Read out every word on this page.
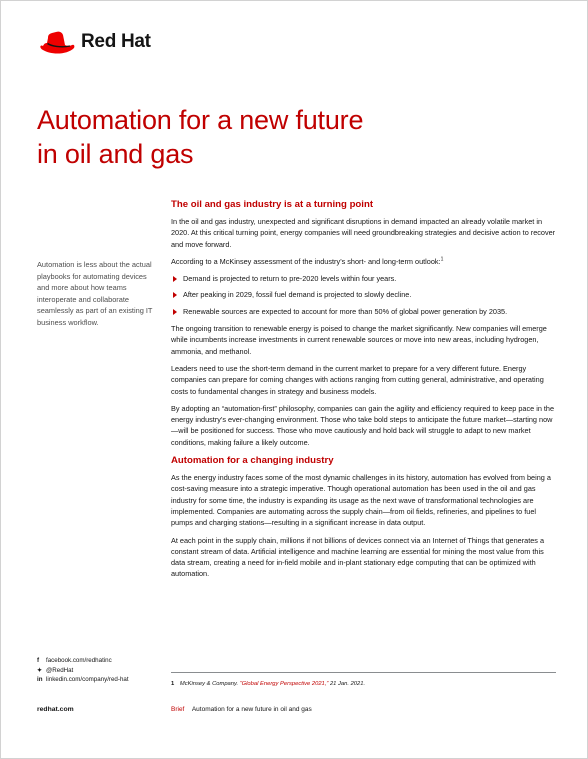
Red Hat
Automation for a new future
in oil and gas
Automation is less about the actual playbooks for automating devices and more about how teams interoperate and collaborate seamlessly as part of an existing IT business workflow.
The oil and gas industry is at a turning point

In the oil and gas industry, unexpected and significant disruptions in demand impacted an already volatile market in 2020. At this critical turning point, energy companies will need groundbreaking strategies and decisive action to recover and move forward.

According to a McKinsey assessment of the industry’s short- and long-term outlook:$^1$

Demand is projected to return to pre-2020 levels within four years.
After peaking in 2029, fossil fuel demand is projected to slowly decline.
Renewable sources are expected to account for more than 50% of global power generation by 2035.

The ongoing transition to renewable energy is poised to change the market significantly. New companies will emerge while incumbents increase investments in current renewable sources or move into new areas, including hydrogen, ammonia, and methanol.

Leaders need to use the short-term demand in the current market to prepare for a very different future. Energy companies can prepare for coming changes with actions ranging from cutting general, administrative, and operating costs to fundamental changes in strategy and business models.

By adopting an “automation-first” philosophy, companies can gain the agility and efficiency required to keep pace in the energy industry’s ever-changing environment. Those who take bold steps to anticipate the future market—starting now—will be positioned for success. Those who move cautiously and hold back will struggle to adapt to new market conditions, making failure a likely outcome.

Automation for a changing industry

As the energy industry faces some of the most dynamic challenges in its history, automation has evolved from being a cost-saving measure into a strategic imperative. Though operational automation has been used in the oil and gas industry for some time, the industry is expanding its usage as the next wave of transformational technologies are implemented. Companies are automating across the supply chain—from oil fields, refineries, and pipelines to fuel pumps and charging stations—resulting in a significant increase in data output.

At each point in the supply chain, millions if not billions of devices connect via an Internet of Things that generates a constant stream of data. Artificial intelligence and machine learning are essential for mining the most value from this data stream, creating a need for in-field mobile and in-plant stationary edge computing that can be optimized with automation.

f	facebook.com/redhatinc
✦ @RedHat
in linkedin.com/company/red-hat
1 McKinsey & Company. “Global Energy Perspective 2021,” 21 Jan. 2021.
redhat.com	Brief Automation for a new future in oil and gas
